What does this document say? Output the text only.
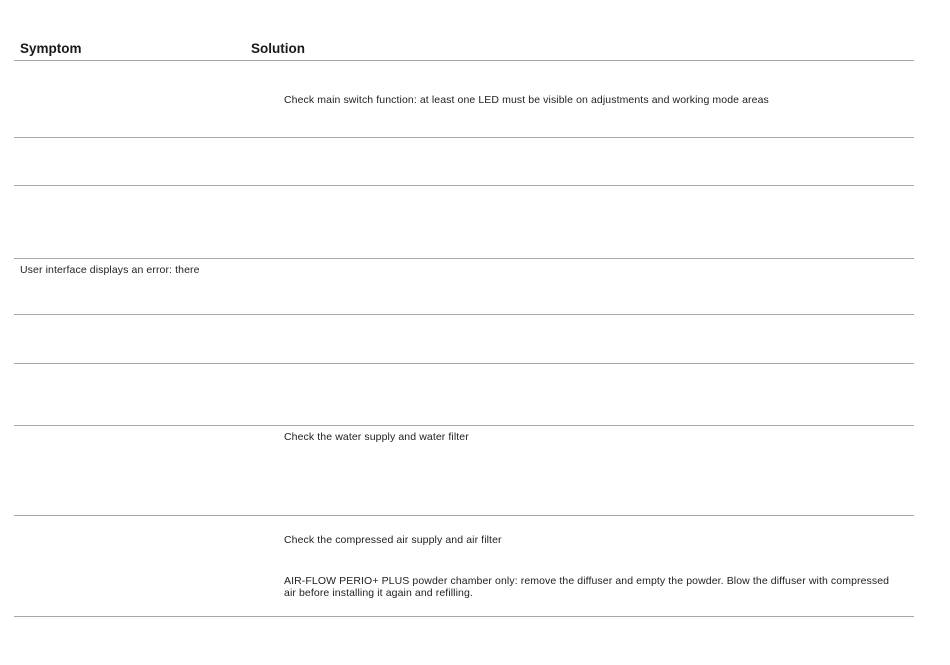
Symptom	Solution
Check main switch function: at least one LED must be visible on adjustments and working mode areas
User interface displays an error: there
Check the water supply and water filter
Check the compressed air supply and air filter
AIR-FLOW PERIO+ PLUS powder chamber only: remove the diffuser and empty the powder. Blow the diffuser with compressed air before installing it again and refilling.
